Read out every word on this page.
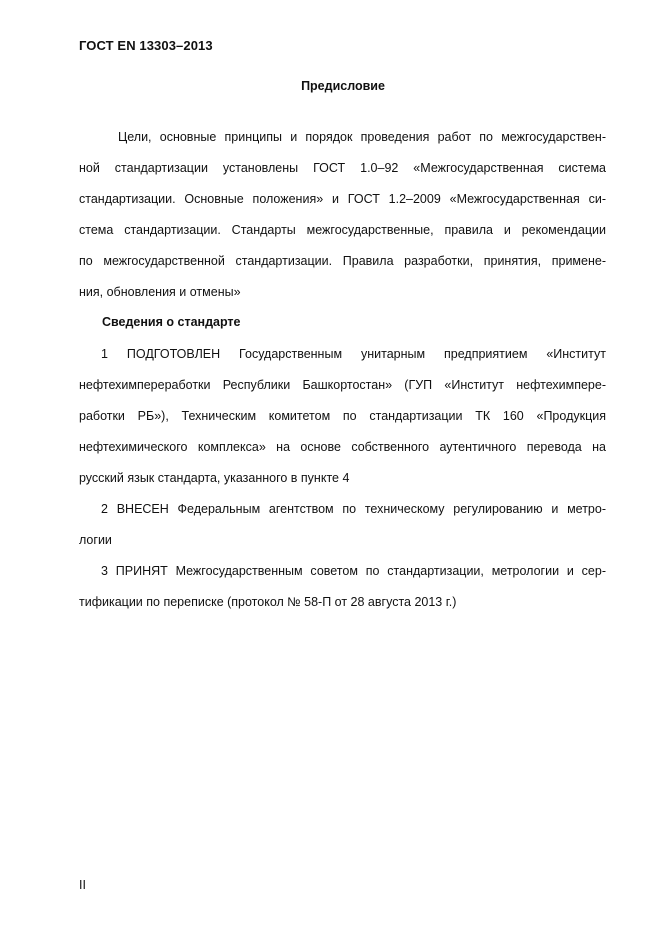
ГОСТ EN 13303–2013
Предисловие
Цели, основные принципы и порядок проведения работ по межгосударствен-
ной стандартизации установлены ГОСТ 1.0–92 «Межгосударственная система
стандартизации. Основные положения» и ГОСТ 1.2–2009 «Межгосударственная си-
стема стандартизации. Стандарты межгосударственные, правила и рекомендации
по межгосударственной стандартизации. Правила разработки, принятия, примене-
ния, обновления и отмены»
Сведения о стандарте
1 ПОДГОТОВЛЕН Государственным унитарным предприятием «Институт
нефтехимпереработки Республики Башкортостан» (ГУП «Институт нефтехимпере-
работки РБ»), Техническим комитетом по стандартизации ТК 160 «Продукция
нефтехимического комплекса» на основе собственного аутентичного перевода на
русский язык стандарта, указанного в пункте 4
2 ВНЕСЕН Федеральным агентством по техническому регулированию и метро-
логии
3 ПРИНЯТ Межгосударственным советом по стандартизации, метрологии и сер-
тификации по переписке (протокол № 58-П от 28 августа 2013 г.)
II
